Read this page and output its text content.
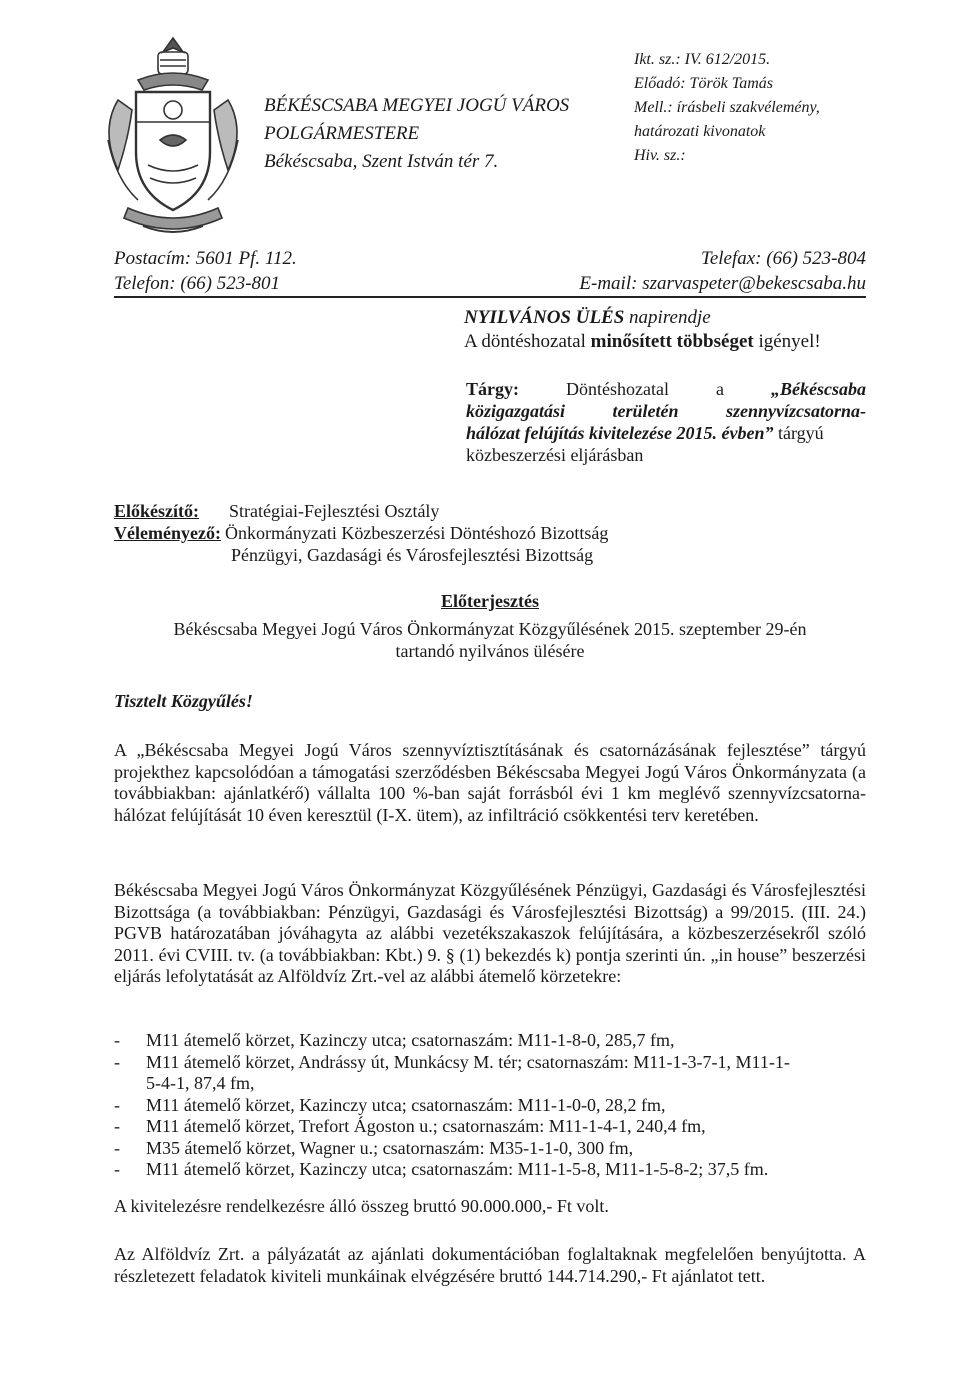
BÉKÉSCSABA MEGYEI JOGÚ VÁROS
POLGÁRMESTERE
Békéscsaba, Szent István tér 7.
Ikt. sz.: IV. 612/2015.
Előadó: Török Tamás
Mell.: írásbeli szakvélemény,
határozati kivonatok
Hiv. sz.:
Postacím: 5601 Pf. 112.	Telefax: (66) 523-804
Telefon: (66) 523-801	E-mail: szarvaspeter@bekescsaba.hu
NYILVÁNOS ÜLÉS napirendje
A döntéshozatal minősített többséget igényel!
Tárgy:	Döntéshozatal	a	„Békéscsaba
közigazgatási	területén	szennyvízcsatorna-
hálózat felújítás kivitelezése 2015. évben” tárgyú
közbeszerzési eljárásban
Előkészítő: Stratégiai-Fejlesztési Osztály
Véleményező: Önkormányzati Közbeszerzési Döntéshozó Bizottság
Pénzügyi, Gazdasági és Városfejlesztési Bizottság
Előterjesztés
Békéscsaba Megyei Jogú Város Önkormányzat Közgyűlésének 2015. szeptember 29-én
tartandó nyilvános ülésére
Tisztelt Közgyűlés!
A „Békéscsaba Megyei Jogú Város szennyvíztisztításának és csatornázásának fejlesztése” tárgyú projekthez kapcsolódóan a támogatási szerződésben Békéscsaba Megyei Jogú Város Önkormányzata (a továbbiakban: ajánlatkérő) vállalta 100 %-ban saját forrásból évi 1 km meglévő szennyvízcsatorna-hálózat felújítását 10 éven keresztül (I-X. ütem), az infiltráció csökkentési terv keretében.
Békéscsaba Megyei Jogú Város Önkormányzat Közgyűlésének Pénzügyi, Gazdasági és Városfejlesztési Bizottsága (a továbbiakban: Pénzügyi, Gazdasági és Városfejlesztési Bizottság) a 99/2015. (III. 24.) PGVB határozatában jóváhagyta az alábbi vezetékszakaszok felújítására, a közbeszerzésekről szóló 2011. évi CVIII. tv. (a továbbiakban: Kbt.) 9. § (1) bekezdés k) pontja szerinti ún. „in house” beszerzési eljárás lefolytatását az Alföldvíz Zrt.-vel az alábbi átemelő körzetekre:
- M11 átemelő körzet, Kazinczy utca; csatornaszám: M11-1-8-0, 285,7 fm,
- M11 átemelő körzet, Andrássy út, Munkácsy M. tér; csatornaszám: M11-1-3-7-1, M11-1-
5-4-1, 87,4 fm,
- M11 átemelő körzet, Kazinczy utca; csatornaszám: M11-1-0-0, 28,2 fm,
- M11 átemelő körzet, Trefort Ágoston u.; csatornaszám: M11-1-4-1, 240,4 fm,
- M35 átemelő körzet, Wagner u.; csatornaszám: M35-1-1-0, 300 fm,
- M11 átemelő körzet, Kazinczy utca; csatornaszám: M11-1-5-8, M11-1-5-8-2; 37,5 fm.
A kivitelezésre rendelkezésre álló összeg bruttó 90.000.000,- Ft volt.
Az Alföldvíz Zrt. a pályázatát az ajánlati dokumentációban foglaltaknak megfelelően benyújtotta. A részletezett feladatok kiviteli munkáinak elvégzésére bruttó 144.714.290,- Ft ajánlatot tett.
